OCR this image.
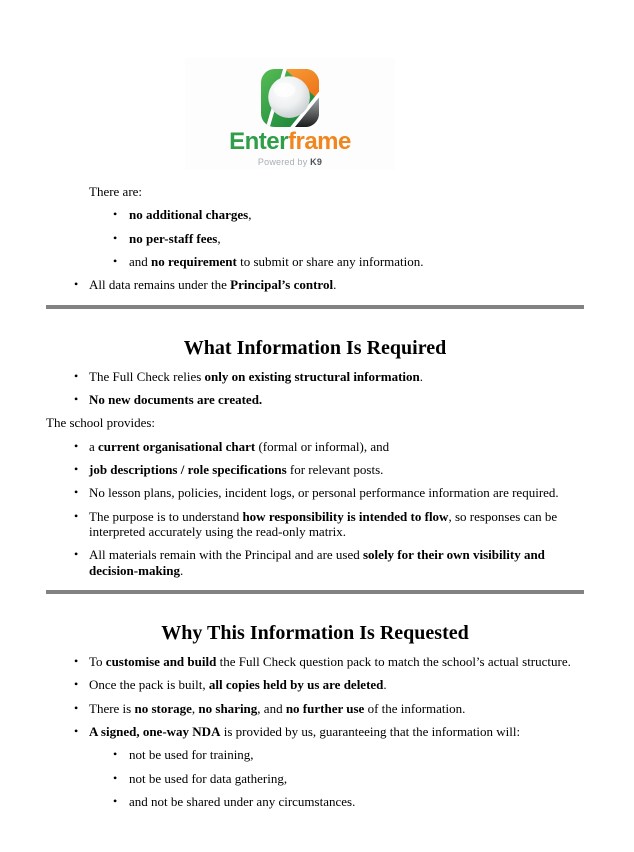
Enterframe
Powered by K9
There are:
• no additional charges,
• no per-staff fees,
• and no requirement to submit or share any information.
• All data remains under the Principal’s control.
What Information Is Required
• The Full Check relies only on existing structural information.
• No new documents are created.
The school provides:
• a current organisational chart (formal or informal), and
• job descriptions / role specifications for relevant posts.
• No lesson plans, policies, incident logs, or personal performance information are required.
• The purpose is to understand how responsibility is intended to flow, so responses can be interpreted accurately using the read-only matrix.
• All materials remain with the Principal and are used solely for their own visibility and decision-making.
Why This Information Is Requested
• To customise and build the Full Check question pack to match the school’s actual structure.
• Once the pack is built, all copies held by us are deleted.
• There is no storage, no sharing, and no further use of the information.
• A signed, one-way NDA is provided by us, guaranteeing that the information will:
• not be used for training,
• not be used for data gathering,
• and not be shared under any circumstances.
